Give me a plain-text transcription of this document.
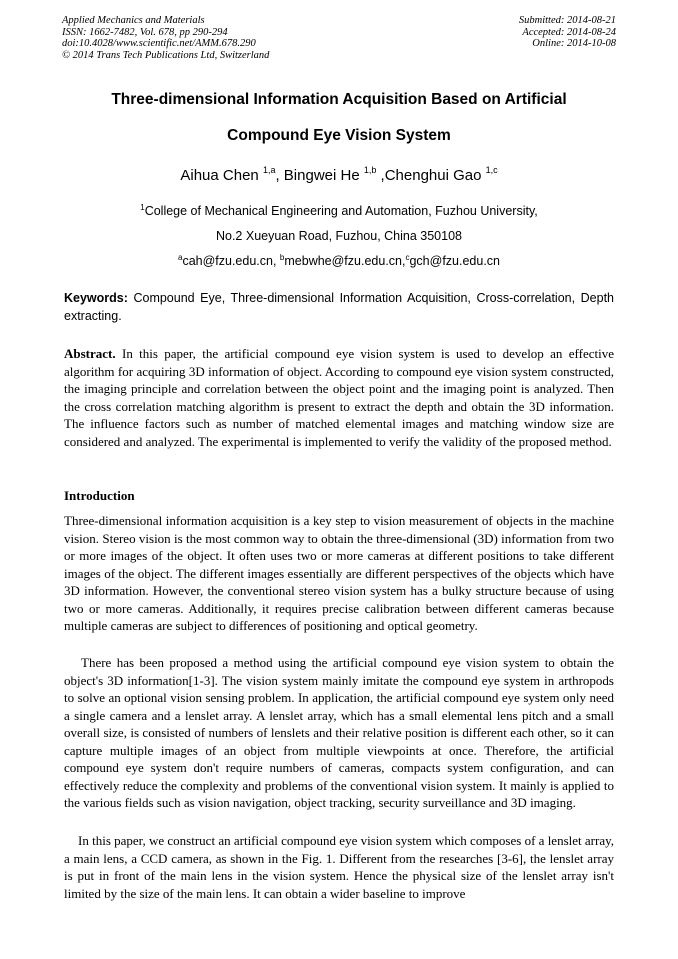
Applied Mechanics and Materials
ISSN: 1662-7482, Vol. 678, pp 290-294
doi:10.4028/www.scientific.net/AMM.678.290
© 2014 Trans Tech Publications Ltd, Switzerland
Submitted: 2014-08-21
Accepted: 2014-08-24
Online: 2014-10-08
Three-dimensional Information Acquisition Based on Artificial
Compound Eye Vision System
Aihua Chen $^{1,a}$, Bingwei He $^{1,b}$ ,Chenghui Gao $^{1,c}$
$^1$College of Mechanical Engineering and Automation, Fuzhou University,
No.2 Xueyuan Road, Fuzhou, China 350108
$^a$cah@fzu.edu.cn, $^b$mebwhe@fzu.edu.cn,$^c$gch@fzu.edu.cn
Keywords: Compound Eye, Three-dimensional Information Acquisition, Cross-correlation, Depth extracting.
Abstract. In this paper, the artificial compound eye vision system is used to develop an effective algorithm for acquiring 3D information of object. According to compound eye vision system constructed, the imaging principle and correlation between the object point and the imaging point is analyzed. Then the cross correlation matching algorithm is present to extract the depth and obtain the 3D information. The influence factors such as number of matched elemental images and matching window size are considered and analyzed. The experimental is implemented to verify the validity of the proposed method.
Introduction
Three-dimensional information acquisition is a key step to vision measurement of objects in the machine vision. Stereo vision is the most common way to obtain the three-dimensional (3D) information from two or more images of the object. It often uses two or more cameras at different positions to take different images of the object. The different images essentially are different perspectives of the objects which have 3D information. However, the conventional stereo vision system has a bulky structure because of using two or more cameras. Additionally, it requires precise calibration between different cameras because multiple cameras are subject to differences of positioning and optical geometry.
There has been proposed a method using the artificial compound eye vision system to obtain the object's 3D information[1-3]. The vision system mainly imitate the compound eye system in arthropods to solve an optional vision sensing problem. In application, the artificial compound eye system only need a single camera and a lenslet array. A lenslet array, which has a small elemental lens pitch and a small overall size, is consisted of numbers of lenslets and their relative position is different each other, so it can capture multiple images of an object from multiple viewpoints at once. Therefore, the artificial compound eye system don't require numbers of cameras, compacts system configuration, and can effectively reduce the complexity and problems of the conventional vision system. It mainly is applied to the various fields such as vision navigation, object tracking, security surveillance and 3D imaging.
In this paper, we construct an artificial compound eye vision system which composes of a lenslet array, a main lens, a CCD camera, as shown in the Fig. 1. Different from the researches [3-6], the lenslet array is put in front of the main lens in the vision system. Hence the physical size of the lenslet array isn't limited by the size of the main lens. It can obtain a wider baseline to improve
